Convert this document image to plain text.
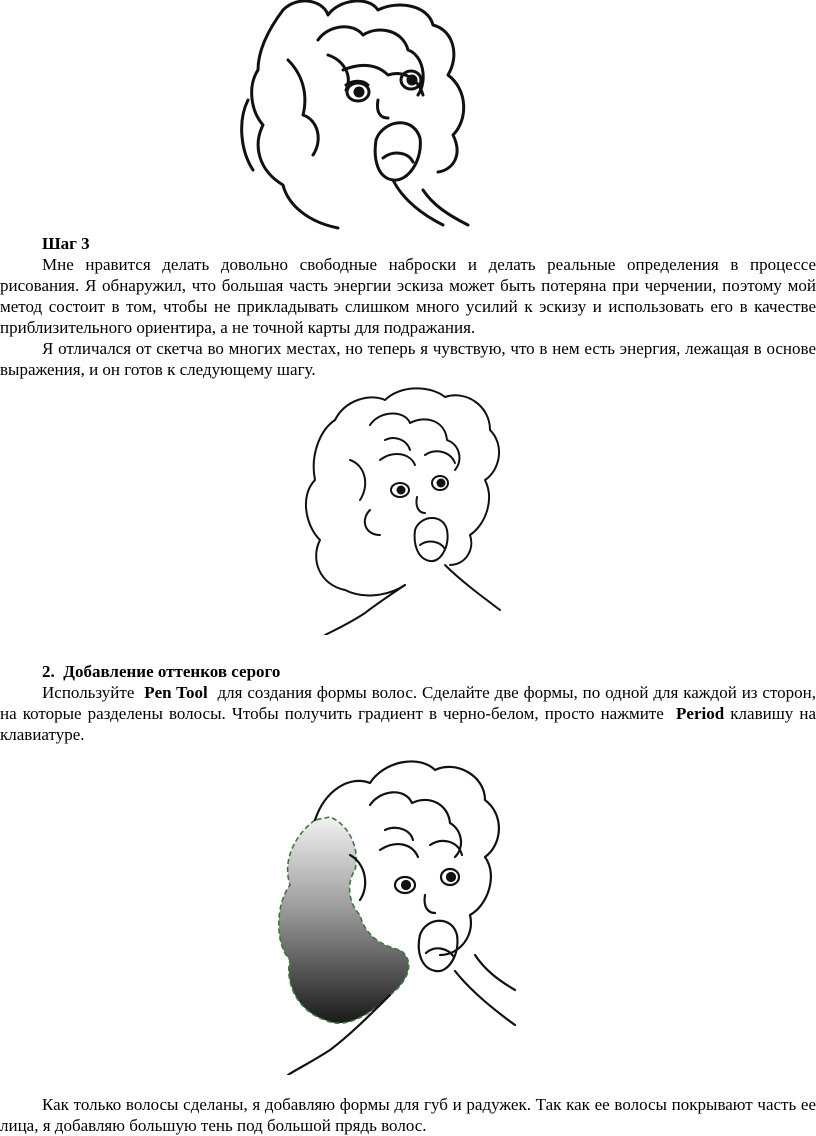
Шаг 3

Мне нравится делать довольно свободные наброски и делать реальные определения в процессе рисования. Я обнаружил, что большая часть энергии эскиза может быть потеряна при черчении, поэтому мой метод состоит в том, чтобы не прикладывать слишком много усилий к эскизу и использовать его в качестве приблизительного ориентира, а не точной карты для подражания.

Я отличался от скетча во многих местах, но теперь я чувствую, что в нем есть энергия, лежащая в основе выражения, и он готов к следующему шагу.

2. Добавление оттенков серого

Используйте Pen Tool для создания формы волос. Сделайте две формы, по одной для каждой из сторон, на которые разделены волосы. Чтобы получить градиент в черно-белом, просто нажмите Period клавишу на клавиатуре.

Как только волосы сделаны, я добавляю формы для губ и радужек. Так как ее волосы покрывают часть ее лица, я добавляю большую тень под большой прядь волос.
